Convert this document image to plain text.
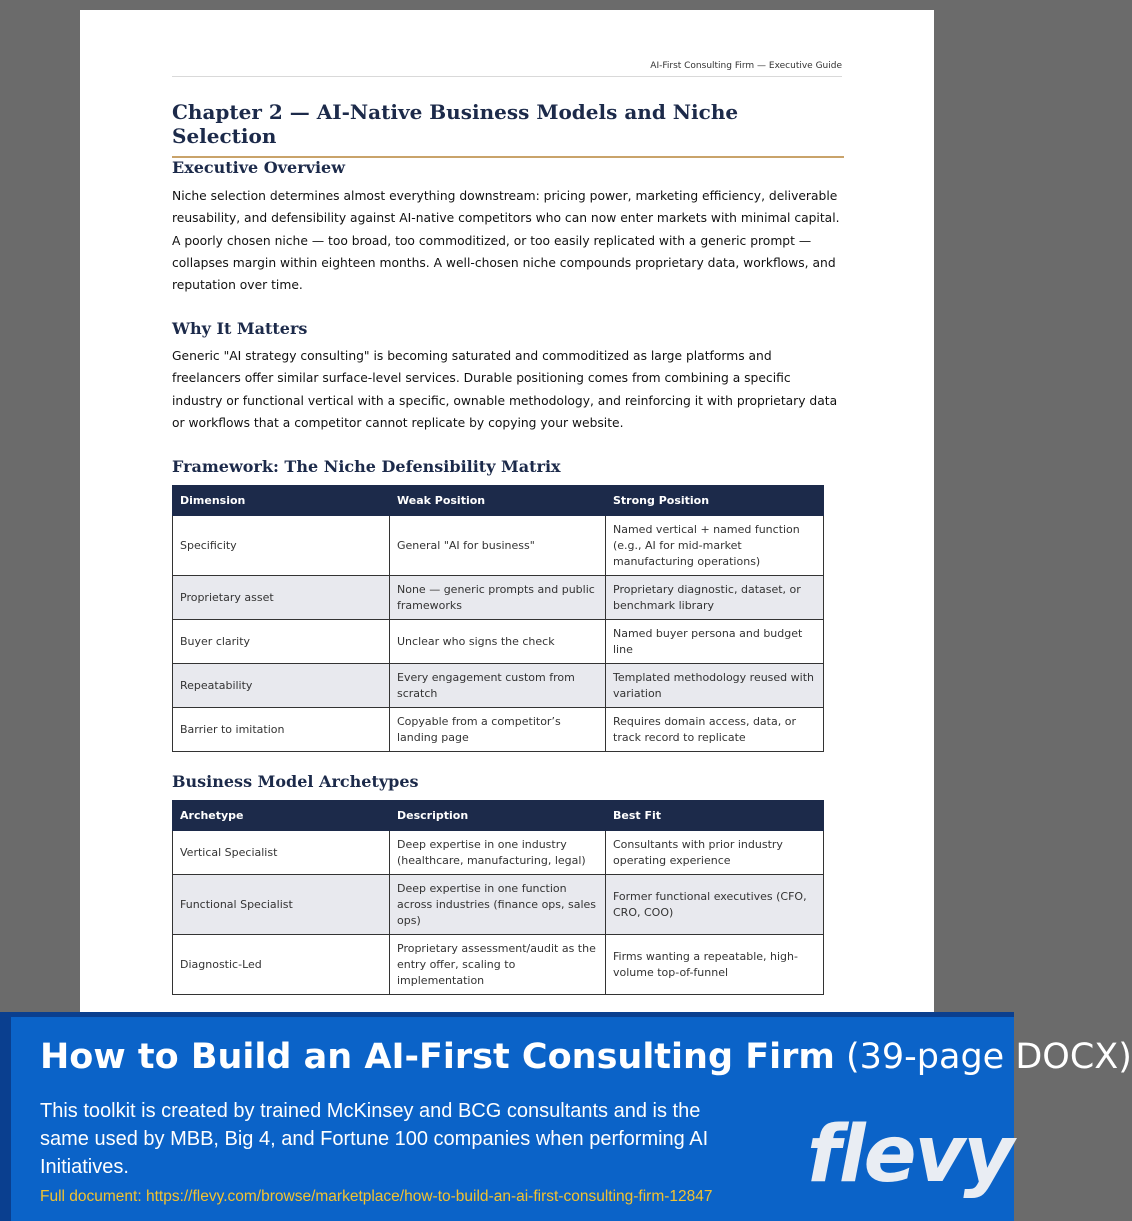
AI-First Consulting Firm — Executive Guide
Chapter 2 — AI-Native Business Models and Niche Selection
Executive Overview

Niche selection determines almost everything downstream: pricing power, marketing efficiency, deliverable reusability, and defensibility against AI-native competitors who can now enter markets with minimal capital. A poorly chosen niche — too broad, too commoditized, or too easily replicated with a generic prompt — collapses margin within eighteen months. A well-chosen niche compounds proprietary data, workflows, and reputation over time.

Why It Matters

Generic "AI strategy consulting" is becoming saturated and commoditized as large platforms and freelancers offer similar surface-level services. Durable positioning comes from combining a specific industry or functional vertical with a specific, ownable methodology, and reinforcing it with proprietary data or workflows that a competitor cannot replicate by copying your website.

Framework: The Niche Defensibility Matrix
Dimension	Weak Position	Strong Position
Specificity	General "AI for business"	Named vertical + named function (e.g., AI for mid-market manufacturing operations)
Proprietary asset	None — generic prompts and public frameworks	Proprietary diagnostic, dataset, or benchmark library
Buyer clarity	Unclear who signs the check	Named buyer persona and budget line
Repeatability	Every engagement custom from scratch	Templated methodology reused with variation
Barrier to imitation	Copyable from a competitor’s landing page	Requires domain access, data, or track record to replicate
Business Model Archetypes
Archetype	Description	Best Fit
Vertical Specialist	Deep expertise in one industry (healthcare, manufacturing, legal)	Consultants with prior industry operating experience
Functional Specialist	Deep expertise in one function across industries (finance ops, sales ops)	Former functional executives (CFO, CRO, COO)
Diagnostic-Led	Proprietary assessment/audit as the entry offer, scaling to implementation	Firms wanting a repeatable, high-volume top-of-funnel
How to Build an AI-First Consulting Firm (39-page DOCX)

This toolkit is created by trained McKinsey and BCG consultants and is the same used by MBB, Big 4, and Fortune 100 companies when performing AI Initiatives.

Full document: https://flevy.com/browse/marketplace/how-to-build-an-ai-first-consulting-firm-12847 flevy
